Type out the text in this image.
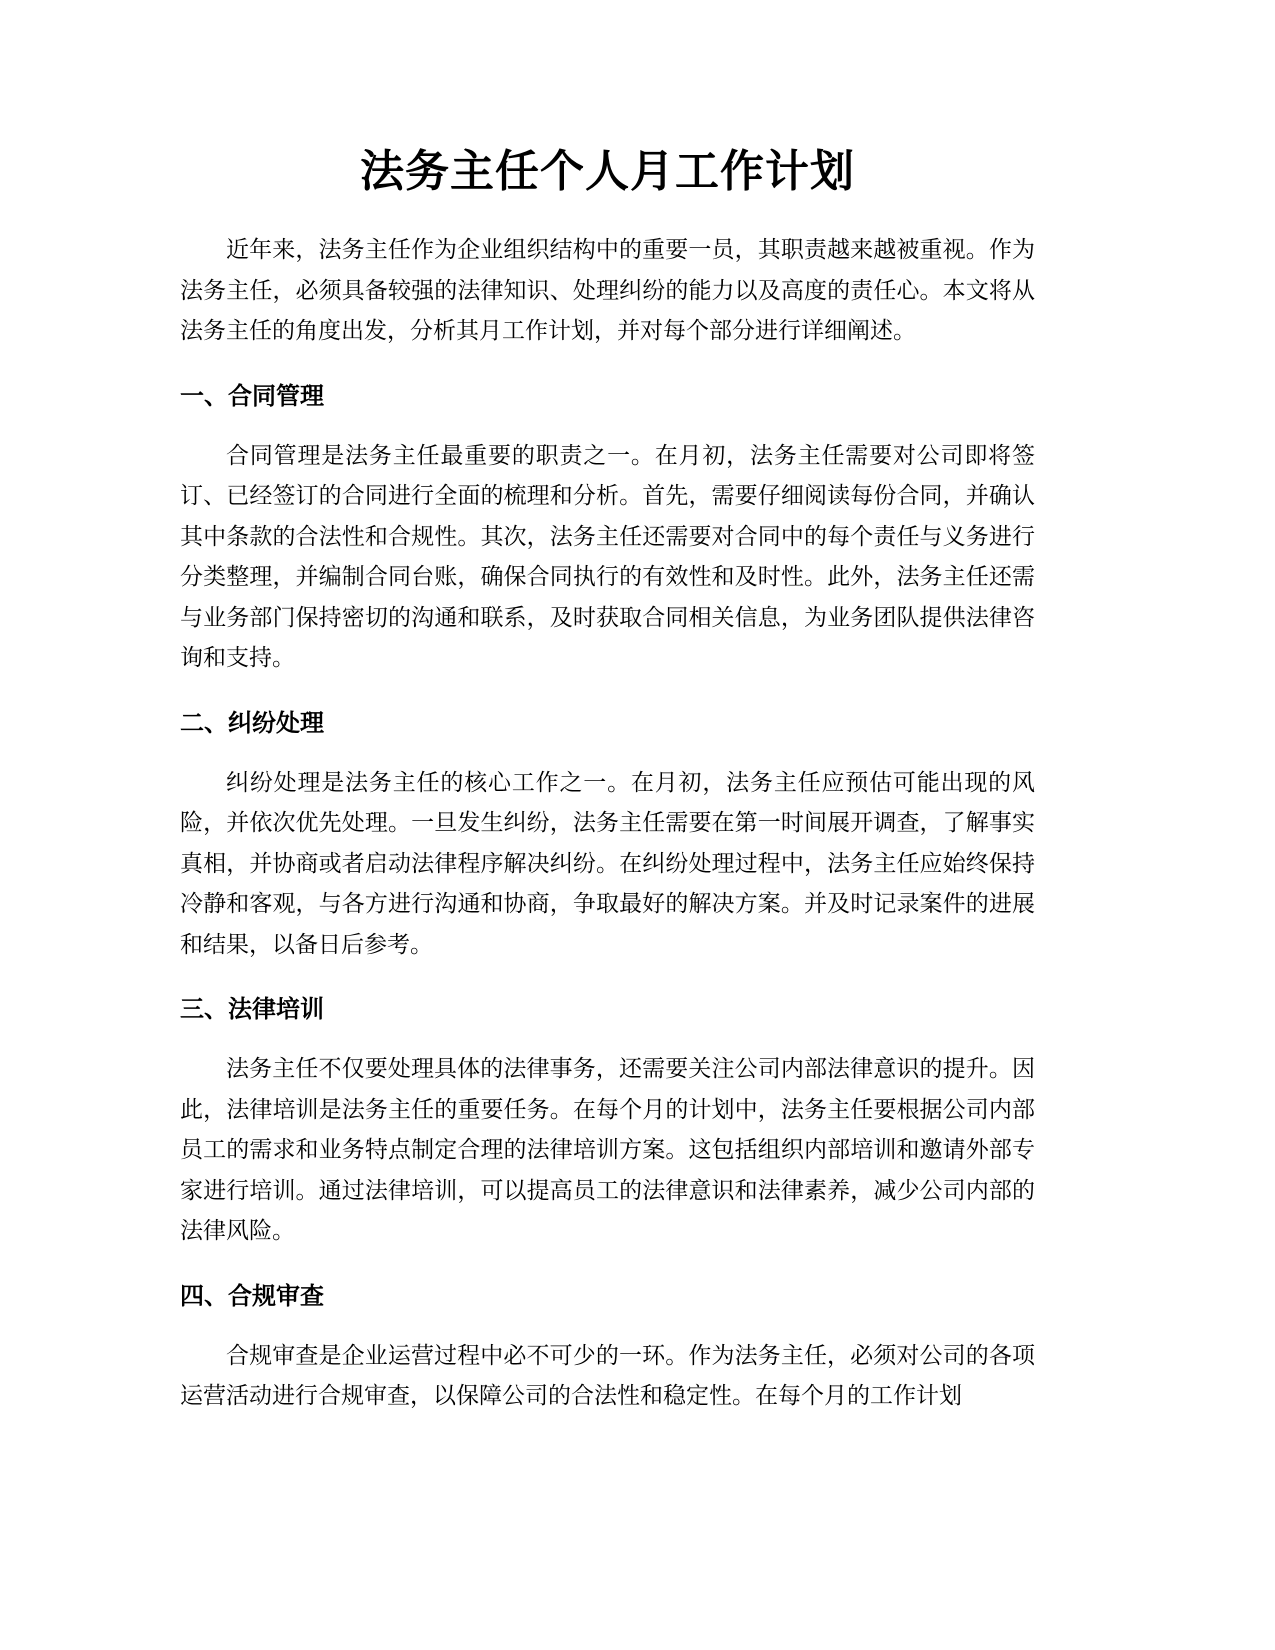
法务主任个人月工作计划

近年来，法务主任作为企业组织结构中的重要一员，其职责越来越被重视。作为法务主任，必须具备较强的法律知识、处理纠纷的能力以及高度的责任心。本文将从法务主任的角度出发，分析其月工作计划，并对每个部分进行详细阐述。

一、合同管理

合同管理是法务主任最重要的职责之一。在月初，法务主任需要对公司即将签订、已经签订的合同进行全面的梳理和分析。首先，需要仔细阅读每份合同，并确认其中条款的合法性和合规性。其次，法务主任还需要对合同中的每个责任与义务进行分类整理，并编制合同台账，确保合同执行的有效性和及时性。此外，法务主任还需与业务部门保持密切的沟通和联系，及时获取合同相关信息，为业务团队提供法律咨询和支持。

二、纠纷处理

纠纷处理是法务主任的核心工作之一。在月初，法务主任应预估可能出现的风险，并依次优先处理。一旦发生纠纷，法务主任需要在第一时间展开调查，了解事实真相，并协商或者启动法律程序解决纠纷。在纠纷处理过程中，法务主任应始终保持冷静和客观，与各方进行沟通和协商，争取最好的解决方案。并及时记录案件的进展和结果，以备日后参考。

三、法律培训

法务主任不仅要处理具体的法律事务，还需要关注公司内部法律意识的提升。因此，法律培训是法务主任的重要任务。在每个月的计划中，法务主任要根据公司内部员工的需求和业务特点制定合理的法律培训方案。这包括组织内部培训和邀请外部专家进行培训。通过法律培训，可以提高员工的法律意识和法律素养，减少公司内部的法律风险。

四、合规审查

合规审查是企业运营过程中必不可少的一环。作为法务主任，必须对公司的各项运营活动进行合规审查，以保障公司的合法性和稳定性。在每个月的工作计划
